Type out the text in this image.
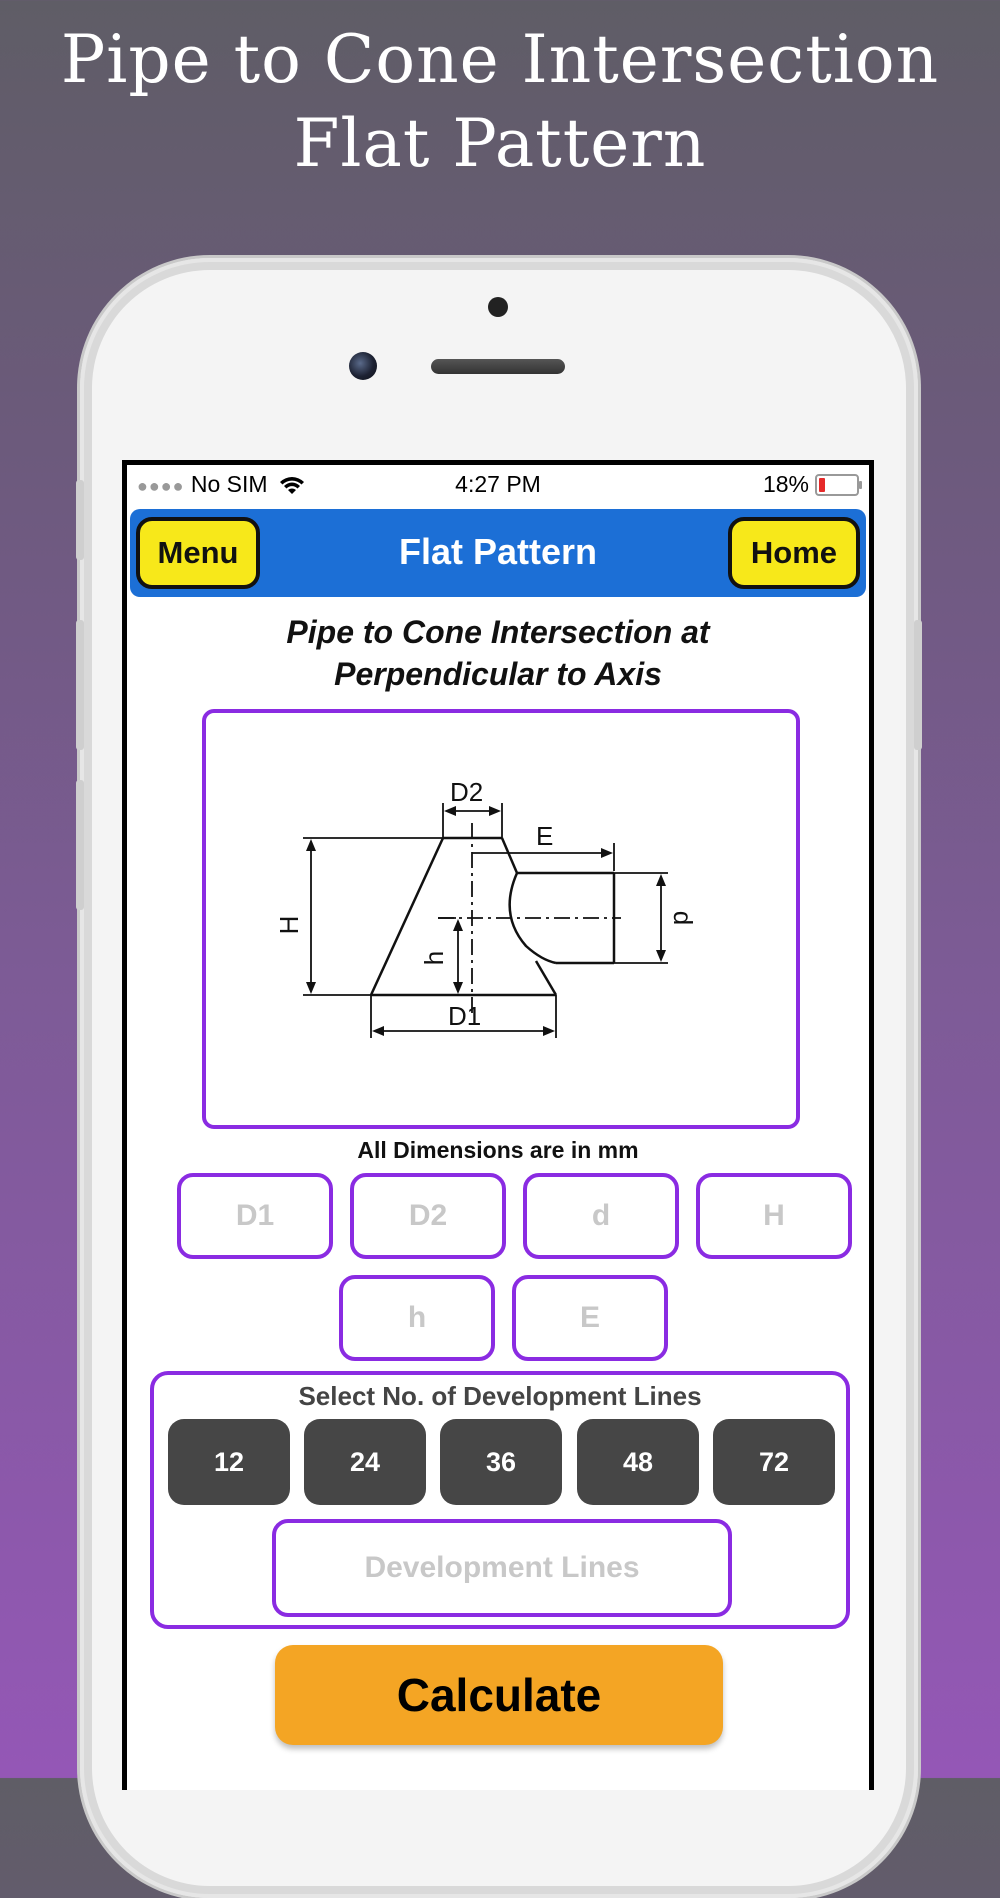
Pipe to Cone Intersection
Flat Pattern
●●●● No SIM	4:27 PM	18%
Menu	Flat Pattern	Home
Pipe to Cone Intersection at
Perpendicular to Axis
D2
E
H
h
d
D1
All Dimensions are in mm
D1	D2	d	H
h	E
Select No. of Development Lines
12	24	36	48	72
Development Lines
Calculate
